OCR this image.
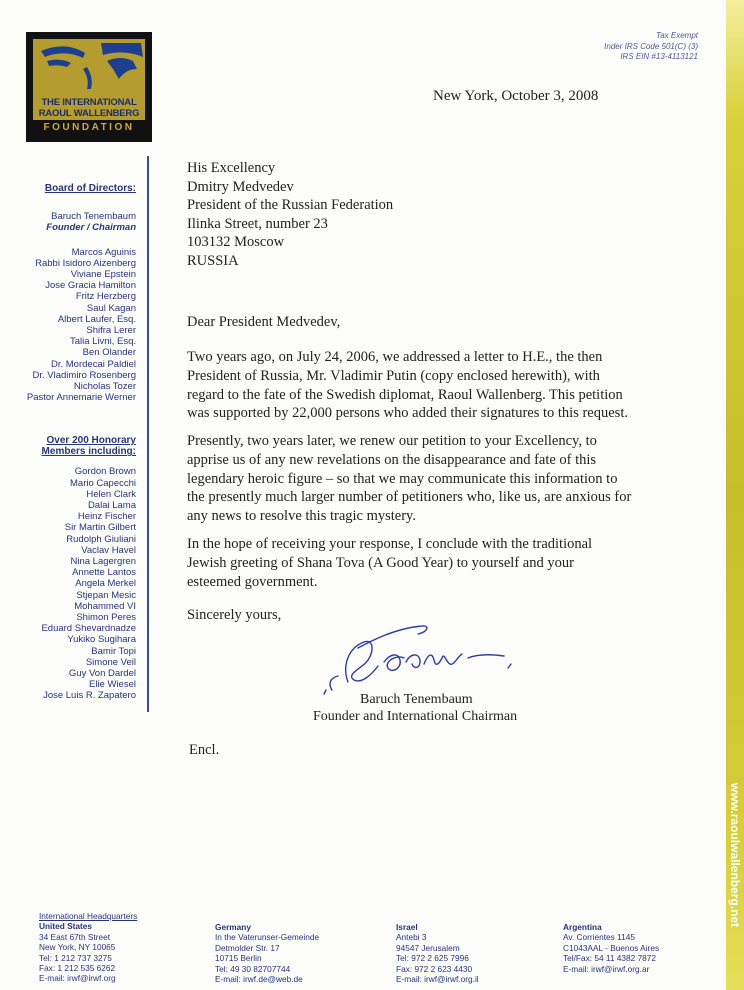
THE INTERNATIONAL
RAOUL WALLENBERG
FOUNDATION
Tax Exempt
Inder IRS Code 501(C) (3)
IRS EIN #13-4113121
New York, October 3, 2008
www.raoulwallenberg.net
Board of Directors:
Baruch Tenembaum
Founder / Chairman
Marcos Aguinis
Rabbi Isidoro Aizenberg
Viviane Epstein
Jose Gracia Hamilton
Fritz Herzberg
Saul Kagan
Albert Laufer, Esq.
Shifra Lerer
Talia Livni, Esq.
Ben Olander
Dr. Mordecai Paldiel
Dr. Vladimiro Rosenberg
Nicholas Tozer
Pastor Annemarie Werner
Over 200 Honorary
Members including:
Gordon Brown
Mario Capecchi
Helen Clark
Dalai Lama
Heinz Fischer
Sir Martin Gilbert
Rudolph Giuliani
Vaclav Havel
Nina Lagergren
Annette Lantos
Angela Merkel
Stjepan Mesic
Mohammed VI
Shimon Peres
Eduard Shevardnadze
Yukiko Sugihara
Bamir Topi
Simone Veil
Guy Von Dardel
Elie Wiesel
Jose Luis R. Zapatero
His Excellency
Dmitry Medvedev
President of the Russian Federation
Ilinka Street, number 23
103132 Moscow
RUSSIA
Dear President Medvedev,
Two years ago, on July 24, 2006, we addressed a letter to H.E., the then
President of Russia, Mr. Vladimir Putin (copy enclosed herewith), with
regard to the fate of the Swedish diplomat, Raoul Wallenberg. This petition
was supported by 22,000 persons who added their signatures to this request.
Presently, two years later, we renew our petition to your Excellency, to
apprise us of any new revelations on the disappearance and fate of this
legendary heroic figure – so that we may communicate this information to
the presently much larger number of petitioners who, like us, are anxious for
any news to resolve this tragic mystery.
In the hope of receiving your response, I conclude with the traditional
Jewish greeting of Shana Tova (A Good Year) to yourself and your
esteemed government.
Sincerely yours,
Baruch Tenembaum
Founder and International Chairman
Encl.
International Headquarters
United States
34 East 67th Street
New York, NY 10065
Tel: 1 212 737 3275
Fax: 1 212 535 6262
E-mail: irwf@irwf.org
Germany
In the Vaterunser-Gemeinde
Detmolder Str. 17
10715 Berlin
Tel: 49 30 82707744
E-mail: irwf.de@web.de
Israel
Antebi 3
94547 Jerusalem
Tel: 972 2 625 7996
Fax: 972 2 623 4430
E-mail: irwf@irwf.org.il
Argentina
Av. Corrientes 1145
C1043AAL - Buenos Aires
Tel/Fax: 54 11 4382 7872
E-mail: irwf@irwf.org.ar
